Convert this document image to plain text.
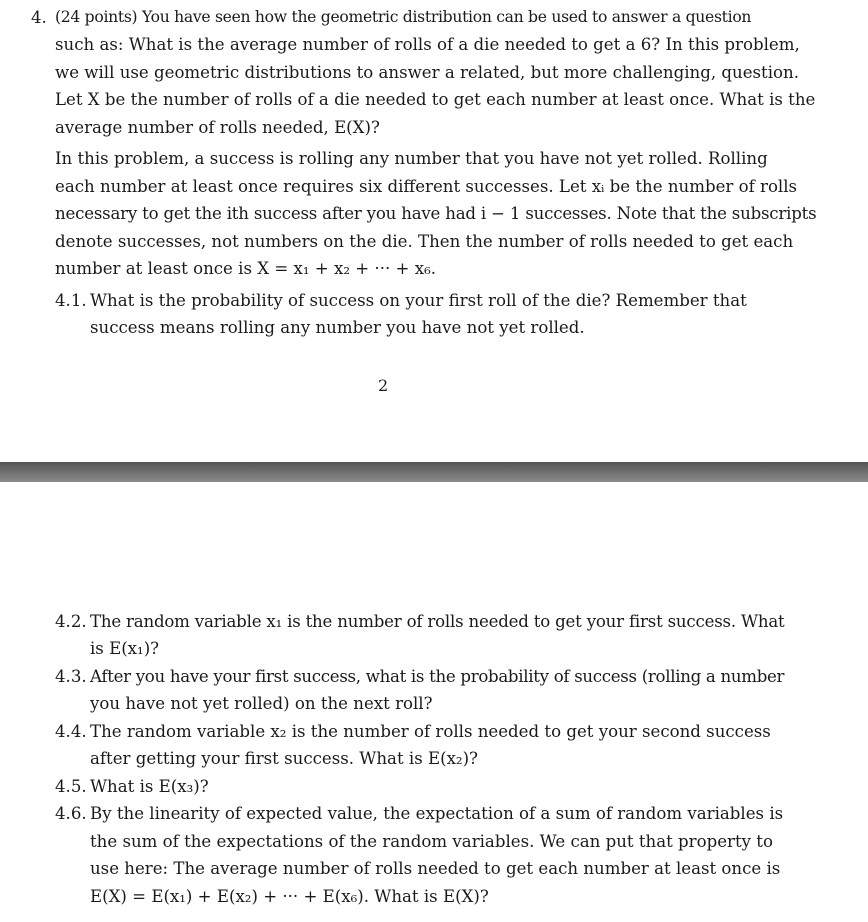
4. (24 points) You have seen how the geometric distribution can be used to answer a question
such as: What is the average number of rolls of a die needed to get a 6? In this problem,
we will use geometric distributions to answer a related, but more challenging, question.
Let X be the number of rolls of a die needed to get each number at least once. What is the
average number of rolls needed, E(X)?
In this problem, a success is rolling any number that you have not yet rolled. Rolling
each number at least once requires six different successes. Let xᵢ be the number of rolls
necessary to get the ith success after you have had i − 1 successes. Note that the subscripts
denote successes, not numbers on the die. Then the number of rolls needed to get each
number at least once is X = x₁ + x₂ + ··· + x₆.
4.1. What is the probability of success on your first roll of the die? Remember that
success means rolling any number you have not yet rolled.
2
4.2. The random variable x₁ is the number of rolls needed to get your first success. What
is E(x₁)?
4.3. After you have your first success, what is the probability of success (rolling a number
you have not yet rolled) on the next roll?
4.4. The random variable x₂ is the number of rolls needed to get your second success
after getting your first success. What is E(x₂)?
4.5. What is E(x₃)?
4.6. By the linearity of expected value, the expectation of a sum of random variables is
the sum of the expectations of the random variables. We can put that property to
use here: The average number of rolls needed to get each number at least once is
E(X) = E(x₁) + E(x₂) + ··· + E(x₆). What is E(X)?
